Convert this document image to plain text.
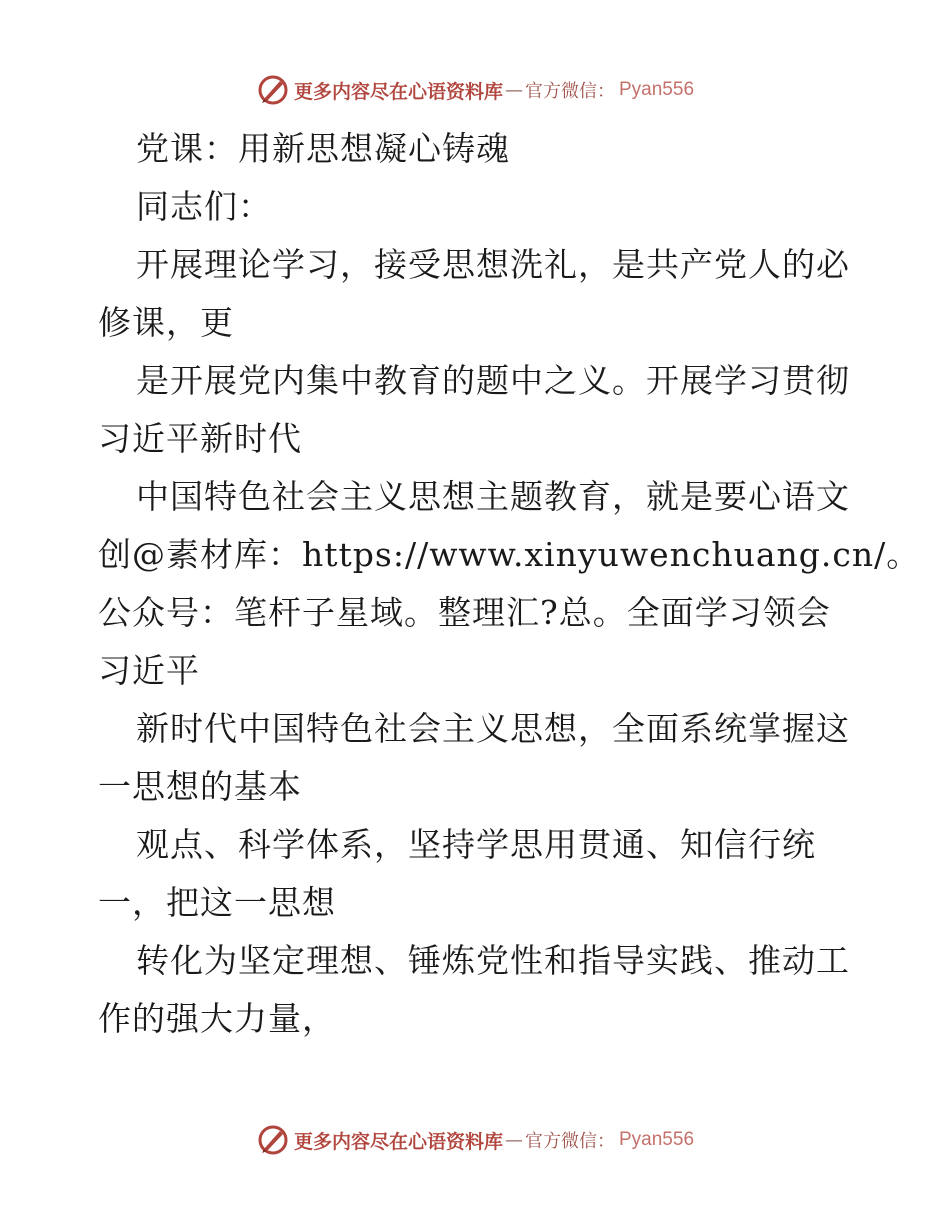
更多内容尽在心语资料库 — 官方微信： Pyan556
党课：用新思想凝心铸魂
同志们：
开展理论学习，接受思想洗礼，是共产党人的必
修课，更
是开展党内集中教育的题中之义。开展学习贯彻
习近平新时代
中国特色社会主义思想主题教育，就是要心语文
创@素材库：https://www.xinyuwenchuang.cn/。
公众号：笔杆子星域。整理汇?总。全面学习领会
习近平
新时代中国特色社会主义思想，全面系统掌握这
一思想的基本
观点、科学体系，坚持学思用贯通、知信行统
一，把这一思想
转化为坚定理想、锤炼党性和指导实践、推动工
作的强大力量，
更多内容尽在心语资料库 — 官方微信： Pyan556
